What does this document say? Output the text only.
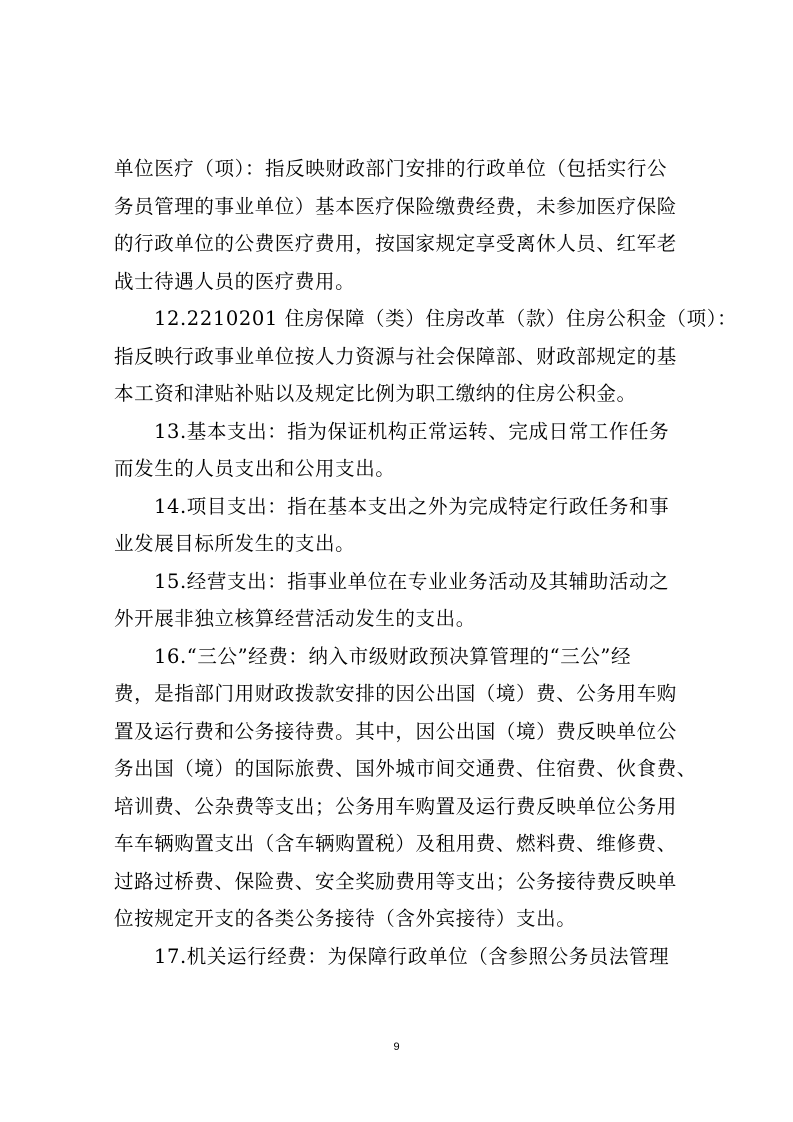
单位医疗（项）：指反映财政部门安排的行政单位（包括实行公
务员管理的事业单位）基本医疗保险缴费经费，未参加医疗保险
的行政单位的公费医疗费用，按国家规定享受离休人员、红军老
战士待遇人员的医疗费用。
12.2210201 住房保障（类）住房改革（款）住房公积金（项）：
指反映行政事业单位按人力资源与社会保障部、财政部规定的基
本工资和津贴补贴以及规定比例为职工缴纳的住房公积金。
13.基本支出：指为保证机构正常运转、完成日常工作任务
而发生的人员支出和公用支出。
14.项目支出：指在基本支出之外为完成特定行政任务和事
业发展目标所发生的支出。
15.经营支出：指事业单位在专业业务活动及其辅助活动之
外开展非独立核算经营活动发生的支出。
16.“三公”经费：纳入市级财政预决算管理的“三公”经
费，是指部门用财政拨款安排的因公出国（境）费、公务用车购
置及运行费和公务接待费。其中，因公出国（境）费反映单位公
务出国（境）的国际旅费、国外城市间交通费、住宿费、伙食费、
培训费、公杂费等支出；公务用车购置及运行费反映单位公务用
车车辆购置支出（含车辆购置税）及租用费、燃料费、维修费、
过路过桥费、保险费、安全奖励费用等支出；公务接待费反映单
位按规定开支的各类公务接待（含外宾接待）支出。
17.机关运行经费：为保障行政单位（含参照公务员法管理
9
